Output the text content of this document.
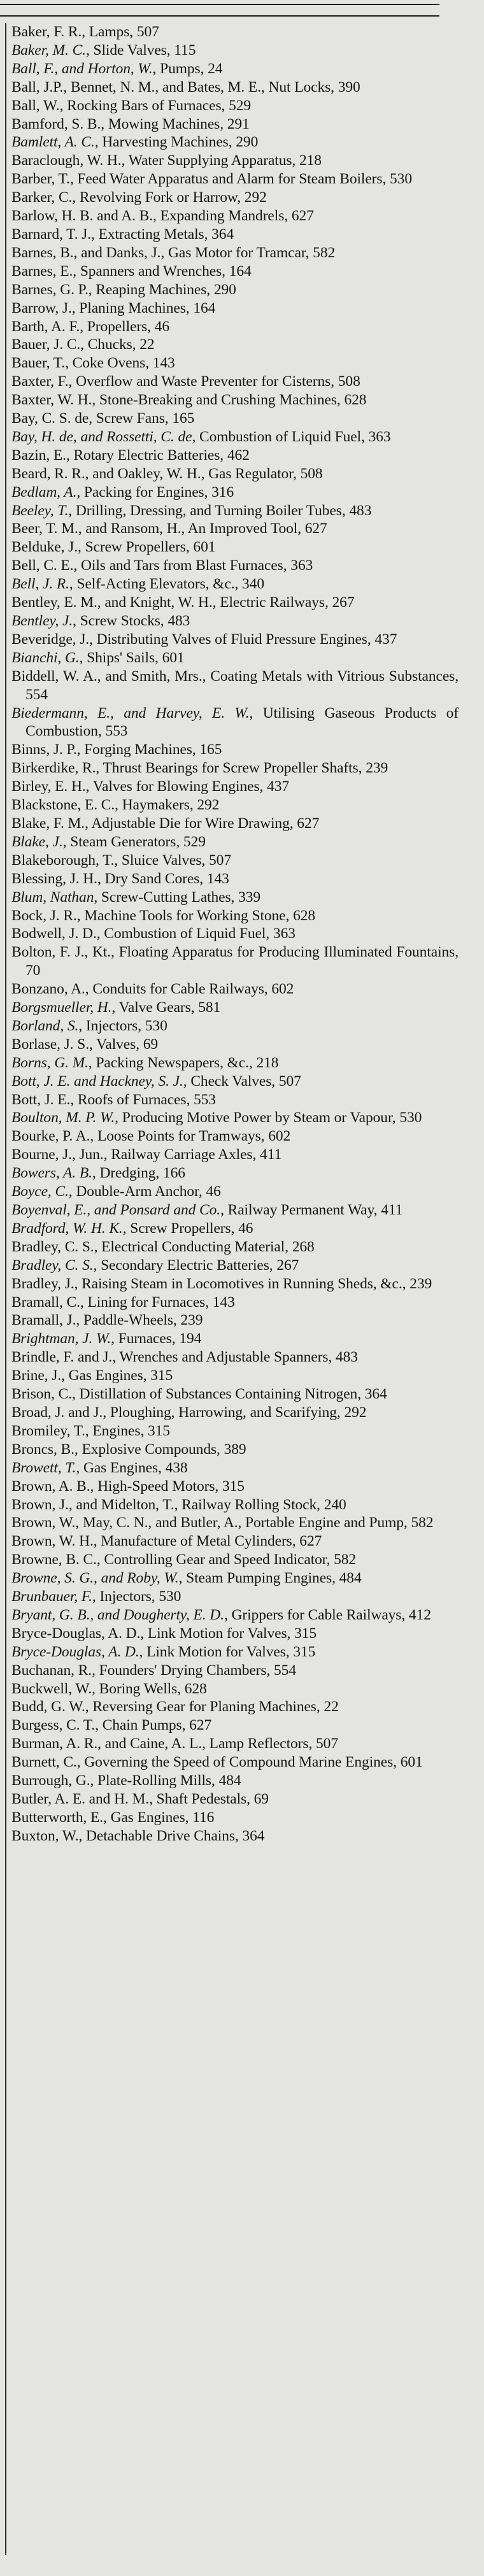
Baker, F. R., Lamps, 507

Baker, M. C., Slide Valves, 115

Ball, F., and Horton, W., Pumps, 24

Ball, J.P., Bennet, N. M., and Bates, M. E., Nut Locks, 390

Ball, W., Rocking Bars of Furnaces, 529

Bamford, S. B., Mowing Machines, 291

Bamlett, A. C., Harvesting Machines, 290

Baraclough, W. H., Water Supplying Apparatus, 218

Barber, T., Feed Water Apparatus and Alarm for Steam Boilers, 530

Barker, C., Revolving Fork or Harrow, 292

Barlow, H. B. and A. B., Expanding Mandrels, 627

Barnard, T. J., Extracting Metals, 364

Barnes, B., and Danks, J., Gas Motor for Tramcar, 582

Barnes, E., Spanners and Wrenches, 164

Barnes, G. P., Reaping Machines, 290

Barrow, J., Planing Machines, 164

Barth, A. F., Propellers, 46

Bauer, J. C., Chucks, 22

Bauer, T., Coke Ovens, 143

Baxter, F., Overflow and Waste Preventer for Cisterns, 508

Baxter, W. H., Stone-Breaking and Crushing Machines, 628

Bay, C. S. de, Screw Fans, 165

Bay, H. de, and Rossetti, C. de, Combustion of Liquid Fuel, 363

Bazin, E., Rotary Electric Batteries, 462

Beard, R. R., and Oakley, W. H., Gas Regulator, 508

Bedlam, A., Packing for Engines, 316

Beeley, T., Drilling, Dressing, and Turning Boiler Tubes, 483

Beer, T. M., and Ransom, H., An Improved Tool, 627

Belduke, J., Screw Propellers, 601

Bell, C. E., Oils and Tars from Blast Furnaces, 363

Bell, J. R., Self-Acting Elevators, &c., 340

Bentley, E. M., and Knight, W. H., Electric Railways, 267

Bentley, J., Screw Stocks, 483

Beveridge, J., Distributing Valves of Fluid Pressure Engines, 437

Bianchi, G., Ships' Sails, 601

Biddell, W. A., and Smith, Mrs., Coating Metals with Vitrious Substances, 554

Biedermann, E., and Harvey, E. W., Utilising Gaseous Products of Combustion, 553

Binns, J. P., Forging Machines, 165

Birkerdike, R., Thrust Bearings for Screw Propeller Shafts, 239

Birley, E. H., Valves for Blowing Engines, 437

Blackstone, E. C., Haymakers, 292

Blake, F. M., Adjustable Die for Wire Drawing, 627

Blake, J., Steam Generators, 529

Blakeborough, T., Sluice Valves, 507

Blessing, J. H., Dry Sand Cores, 143

Blum, Nathan, Screw-Cutting Lathes, 339

Bock, J. R., Machine Tools for Working Stone, 628

Bodwell, J. D., Combustion of Liquid Fuel, 363

Bolton, F. J., Kt., Floating Apparatus for Producing Illuminated Fountains, 70

Bonzano, A., Conduits for Cable Railways, 602

Borgsmueller, H., Valve Gears, 581

Borland, S., Injectors, 530

Borlase, J. S., Valves, 69

Borns, G. M., Packing Newspapers, &c., 218

Bott, J. E. and Hackney, S. J., Check Valves, 507

Bott, J. E., Roofs of Furnaces, 553

Boulton, M. P. W., Producing Motive Power by Steam or Vapour, 530

Bourke, P. A., Loose Points for Tramways, 602

Bourne, J., Jun., Railway Carriage Axles, 411

Bowers, A. B., Dredging, 166

Boyce, C., Double-Arm Anchor, 46

Boyenval, E., and Ponsard and Co., Railway Permanent Way, 411

Bradford, W. H. K., Screw Propellers, 46

Bradley, C. S., Electrical Conducting Material, 268

Bradley, C. S., Secondary Electric Batteries, 267

Bradley, J., Raising Steam in Locomotives in Running Sheds, &c., 239

Bramall, C., Lining for Furnaces, 143

Bramall, J., Paddle-Wheels, 239

Brightman, J. W., Furnaces, 194

Brindle, F. and J., Wrenches and Adjustable Spanners, 483

Brine, J., Gas Engines, 315

Brison, C., Distillation of Substances Containing Nitrogen, 364

Broad, J. and J., Ploughing, Harrowing, and Scarifying, 292

Bromiley, T., Engines, 315

Broncs, B., Explosive Compounds, 389

Browett, T., Gas Engines, 438

Brown, A. B., High-Speed Motors, 315

Brown, J., and Midelton, T., Railway Rolling Stock, 240

Brown, W., May, C. N., and Butler, A., Portable Engine and Pump, 582

Brown, W. H., Manufacture of Metal Cylinders, 627

Browne, B. C., Controlling Gear and Speed Indicator, 582

Browne, S. G., and Roby, W., Steam Pumping Engines, 484

Brunbauer, F., Injectors, 530

Bryant, G. B., and Dougherty, E. D., Grippers for Cable Railways, 412

Bryce-Douglas, A. D., Link Motion for Valves, 315

Bryce-Douglas, A. D., Link Motion for Valves, 315

Buchanan, R., Founders' Drying Chambers, 554

Buckwell, W., Boring Wells, 628

Budd, G. W., Reversing Gear for Planing Machines, 22

Burgess, C. T., Chain Pumps, 627

Burman, A. R., and Caine, A. L., Lamp Reflectors, 507

Burnett, C., Governing the Speed of Compound Marine Engines, 601

Burrough, G., Plate-Rolling Mills, 484

Butler, A. E. and H. M., Shaft Pedestals, 69

Butterworth, E., Gas Engines, 116

Buxton, W., Detachable Drive Chains, 364
